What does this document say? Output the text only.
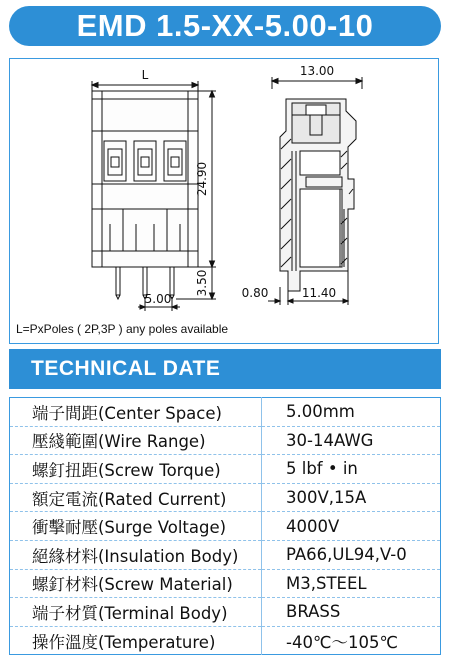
EMD 1.5-XX-5.00-10
L	13.00
24.90
3.50
5.00	0.80	11.40
L=PxPoles ( 2P,3P ) any poles available
TECHNICAL DATE
端子間距(Center Space)	5.00mm
壓綫範圍(Wire Range)	30-14AWG
螺釘扭距(Screw Torque)	5 lbf • in
額定電流(Rated Current)	300V,15A
衝擊耐壓(Surge Voltage)	4000V
絕緣材料(Insulation Body)	PA66,UL94,V-0
螺釘材料(Screw Material)	M3,STEEL
端子材質(Terminal Body)	BRASS
操作溫度(Temperature)	-40℃～105℃
